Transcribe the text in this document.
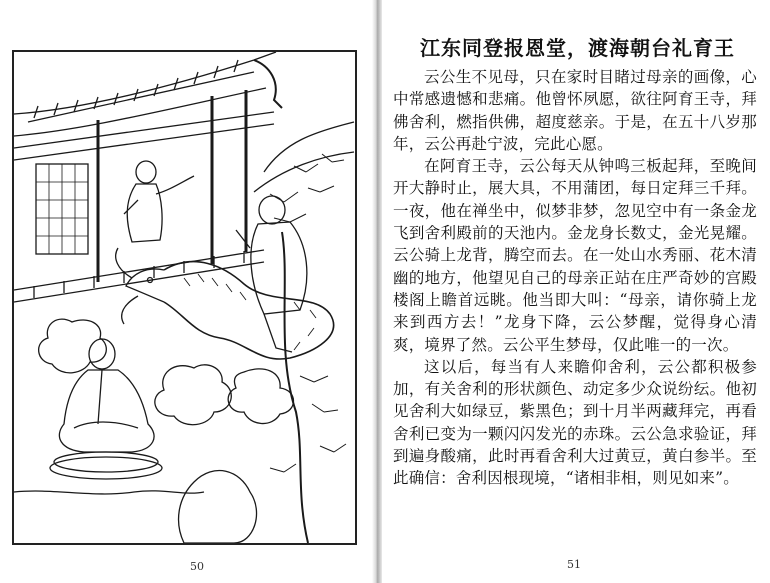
50
江东同登报恩堂，渡海朝台礼育王

云公生不见母，只在家时目睹过母亲的画像，心中常感遗憾和悲痛。他曾怀夙愿，欲往阿育王寺，拜佛舍利，燃指供佛，超度慈亲。于是，在五十八岁那年，云公再赴宁波，完此心愿。

在阿育王寺，云公每天从钟鸣三板起拜，至晚间开大静时止，展大具，不用蒲团，每日定拜三千拜。一夜，他在禅坐中，似梦非梦，忽见空中有一条金龙飞到舍利殿前的天池内。金龙身长数丈，金光晃耀。云公骑上龙背，腾空而去。在一处山水秀丽、花木清幽的地方，他望见自己的母亲正站在庄严奇妙的宫殿楼阁上瞻首远眺。他当即大叫：“母亲，请你骑上龙来到西方去！”龙身下降，云公梦醒，觉得身心清爽，境界了然。云公平生梦母，仅此唯一的一次。

这以后，每当有人来瞻仰舍利，云公都积极参加，有关舍利的形状颜色、动定多少众说纷纭。他初见舍利大如绿豆，紫黑色；到十月半两藏拜完，再看舍利已变为一颗闪闪发光的赤珠。云公急求验证，拜到遍身酸痛，此时再看舍利大过黄豆，黄白参半。至此确信：舍利因根现境，“诸相非相，则见如来”。

51
